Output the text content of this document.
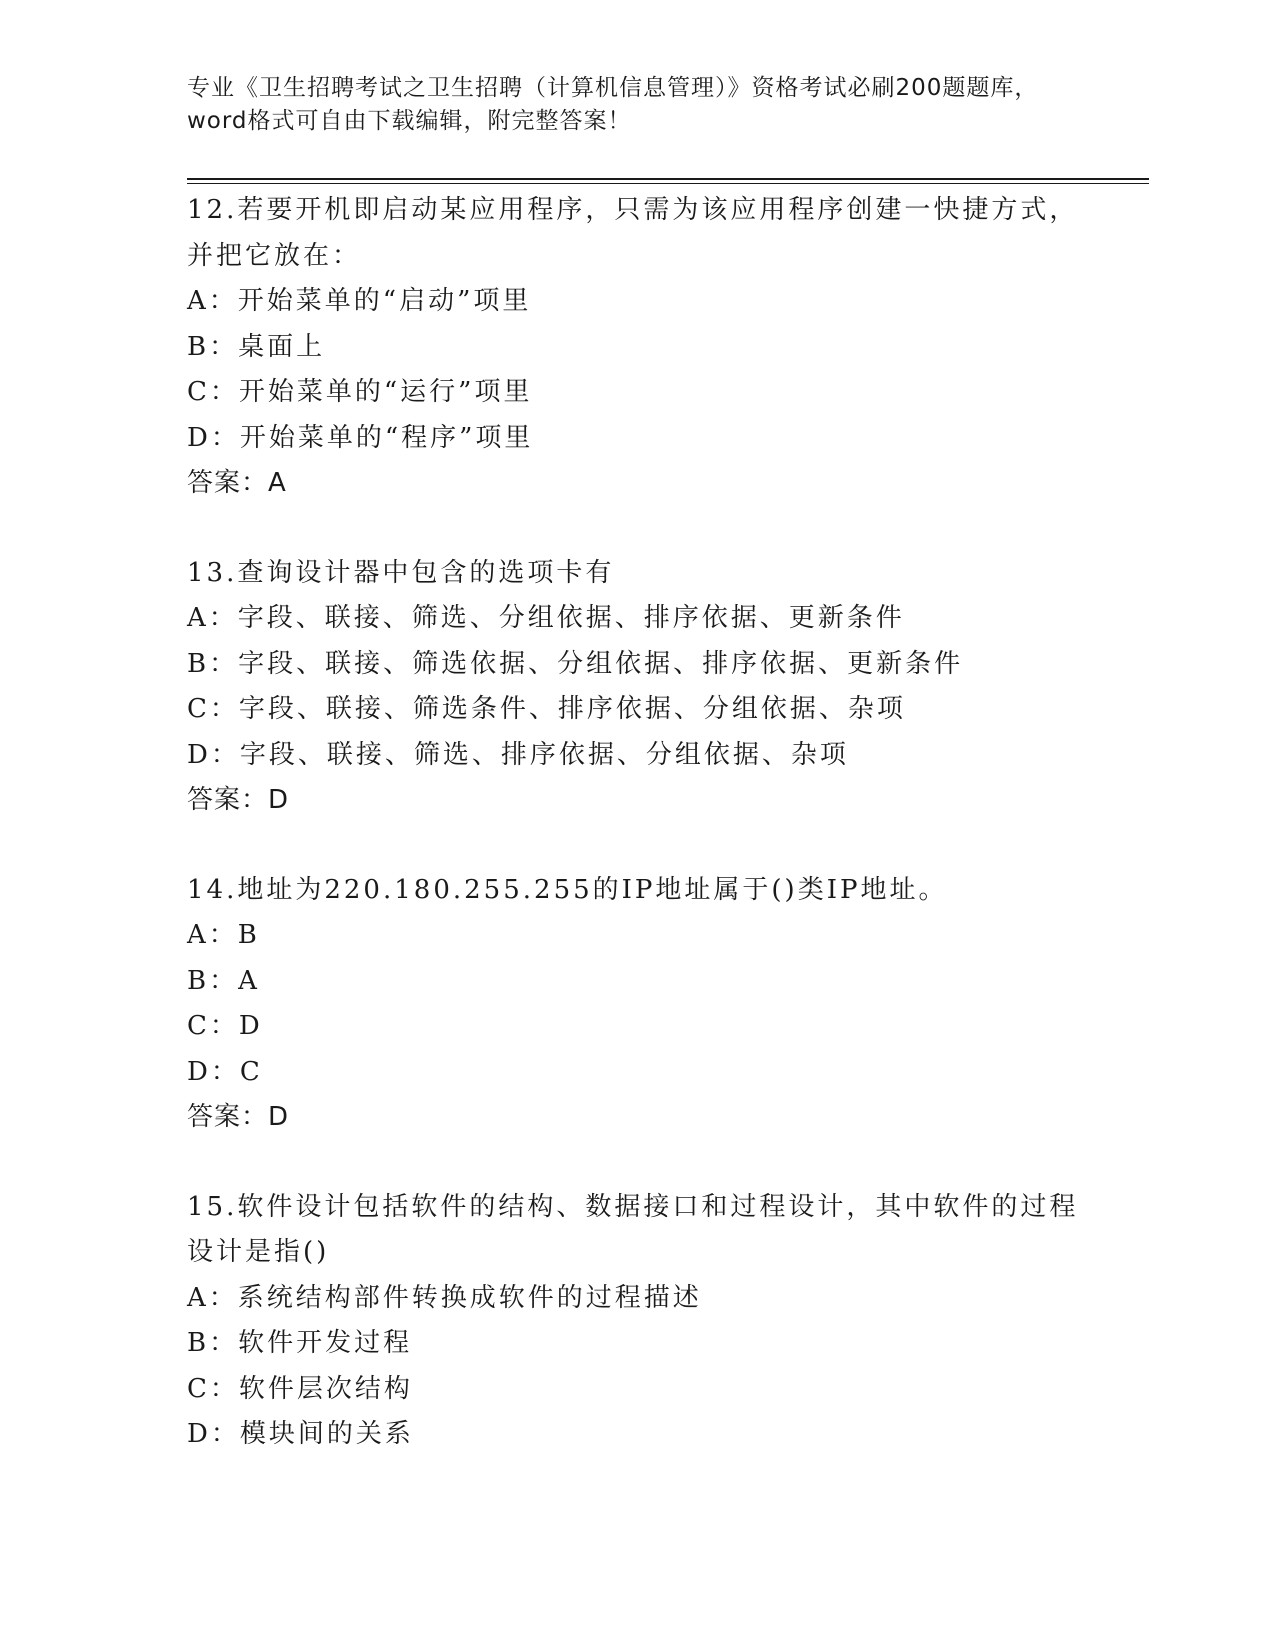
专业《卫生招聘考试之卫生招聘（计算机信息管理）》资格考试必刷200题题库，
word格式可自由下载编辑，附完整答案！
12.若要开机即启动某应用程序，只需为该应用程序创建一快捷方式，
并把它放在：
A：开始菜单的“启动”项里
B：桌面上
C：开始菜单的“运行”项里
D：开始菜单的“程序”项里
答案：A
13.查询设计器中包含的选项卡有
A：字段、联接、筛选、分组依据、排序依据、更新条件
B：字段、联接、筛选依据、分组依据、排序依据、更新条件
C：字段、联接、筛选条件、排序依据、分组依据、杂项
D：字段、联接、筛选、排序依据、分组依据、杂项
答案：D
14.地址为220.180.255.255的IP地址属于()类IP地址。
A：B
B：A
C：D
D：C
答案：D
15.软件设计包括软件的结构、数据接口和过程设计，其中软件的过程
设计是指()
A：系统结构部件转换成软件的过程描述
B：软件开发过程
C：软件层次结构
D：模块间的关系
